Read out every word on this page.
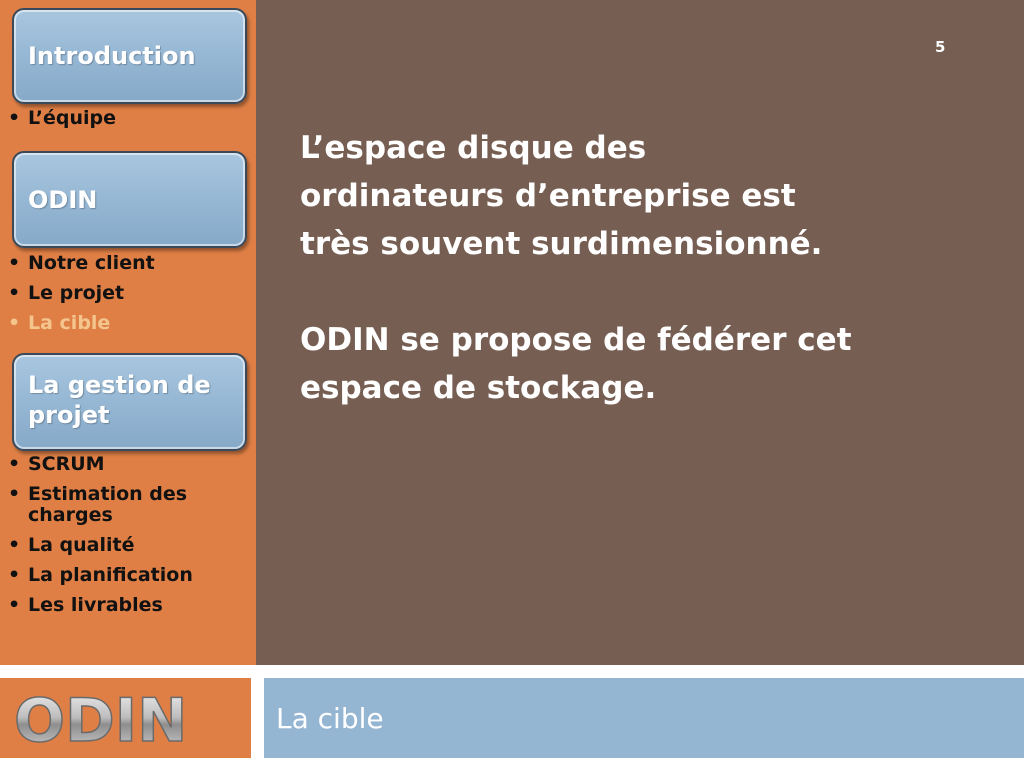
Introduction
• L’équipe
ODIN
• Notre client
• Le projet
• La cible
La gestion de projet
• SCRUM
• Estimation des charges
• La qualité
• La planification
• Les livrables
5

L’espace disque des ordinateurs d’entreprise est très souvent surdimensionné.

ODIN se propose de fédérer cet espace de stockage.

ODIN	La cible
